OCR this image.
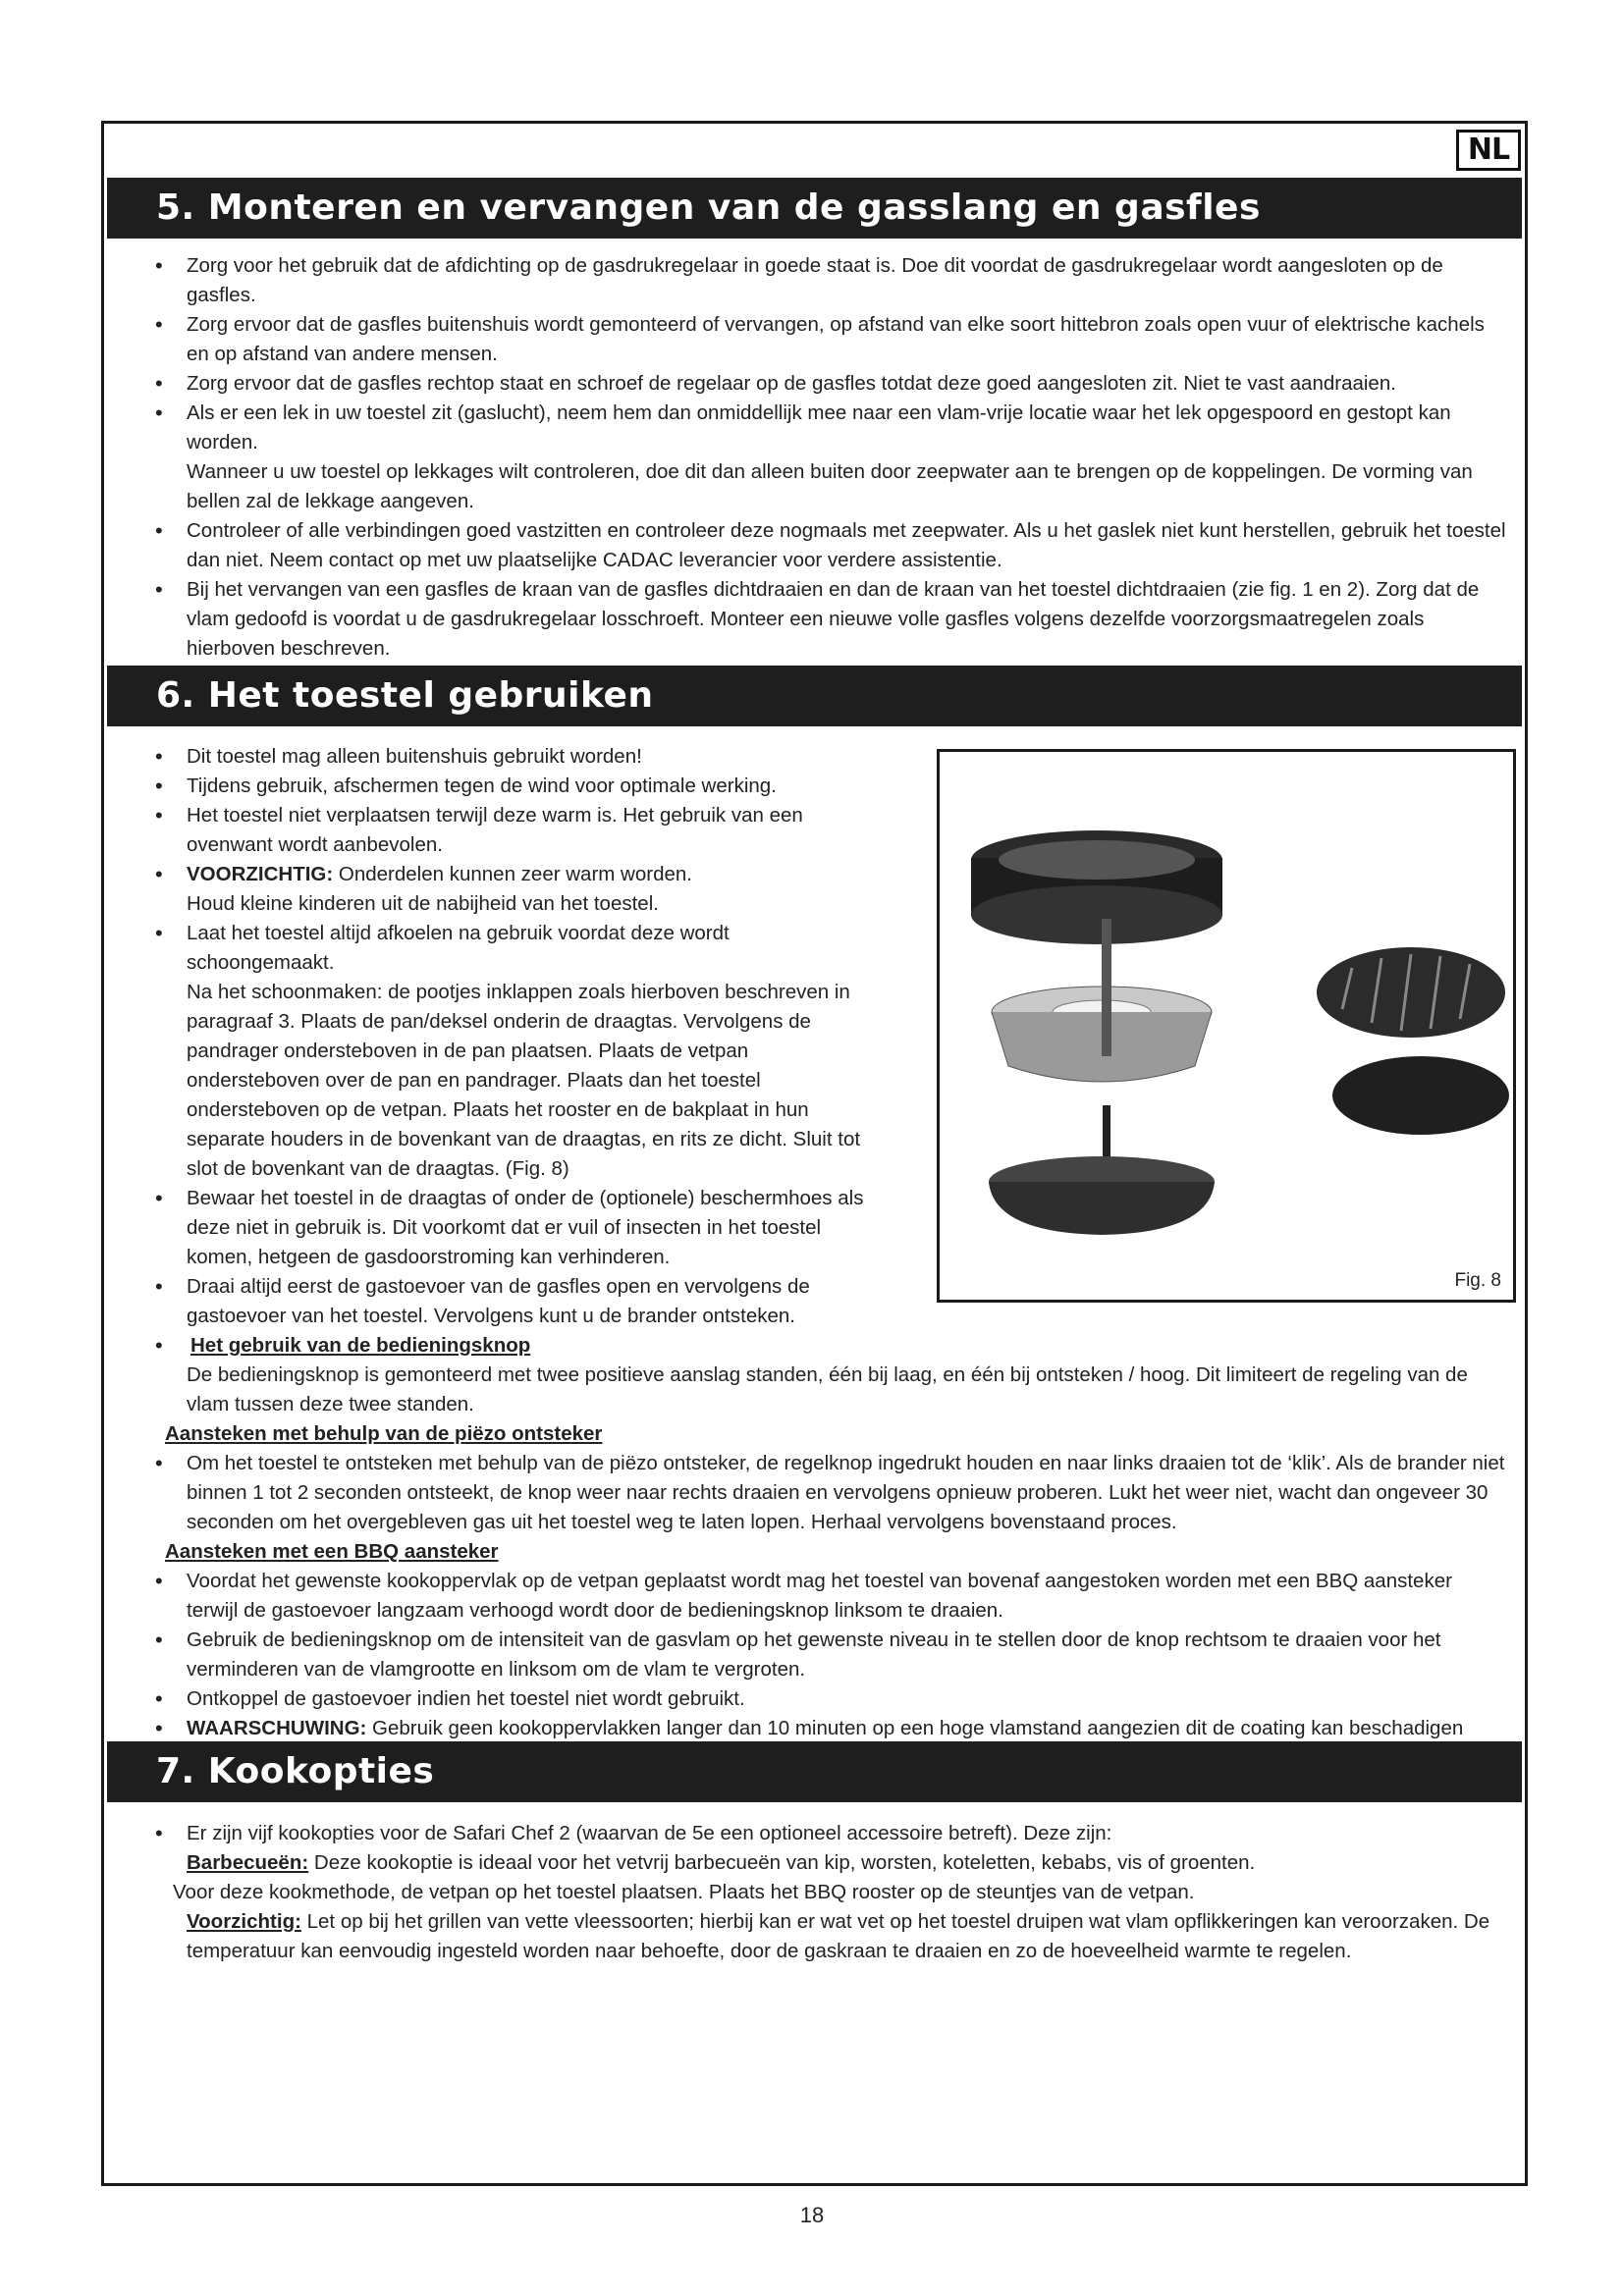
NL
5. Monteren en vervangen van de gasslang en gasfles
• Zorg voor het gebruik dat de afdichting op de gasdrukregelaar in goede staat is. Doe dit voordat de gasdrukregelaar wordt aangesloten op de gasfles.
• Zorg ervoor dat de gasfles buitenshuis wordt gemonteerd of vervangen, op afstand van elke soort hittebron zoals open vuur of elektrische kachels en op afstand van andere mensen.
• Zorg ervoor dat de gasfles rechtop staat en schroef de regelaar op de gasfles totdat deze goed aangesloten zit. Niet te vast aandraaien.
• Als er een lek in uw toestel zit (gaslucht), neem hem dan onmiddellijk mee naar een vlam-vrije locatie waar het lek opgespoord en gestopt kan worden.
Wanneer u uw toestel op lekkages wilt controleren, doe dit dan alleen buiten door zeepwater aan te brengen op de koppelingen. De vorming van bellen zal de lekkage aangeven.
• Controleer of alle verbindingen goed vastzitten en controleer deze nogmaals met zeepwater. Als u het gaslek niet kunt herstellen, gebruik het toestel dan niet. Neem contact op met uw plaatselijke CADAC leverancier voor verdere assistentie.
• Bij het vervangen van een gasfles de kraan van de gasfles dichtdraaien en dan de kraan van het toestel dichtdraaien (zie fig. 1 en 2). Zorg dat de vlam gedoofd is voordat u de gasdrukregelaar losschroeft. Monteer een nieuwe volle gasfles volgens dezelfde voorzorgsmaatregelen zoals hierboven beschreven.
6. Het toestel gebruiken
• Dit toestel mag alleen buitenshuis gebruikt worden!
• Tijdens gebruik, afschermen tegen de wind voor optimale werking.
• Het toestel niet verplaatsen terwijl deze warm is. Het gebruik van een ovenwant wordt aanbevolen.
• VOORZICHTIG: Onderdelen kunnen zeer warm worden.
Houd kleine kinderen uit de nabijheid van het toestel.
• Laat het toestel altijd afkoelen na gebruik voordat deze wordt schoongemaakt.
Na het schoonmaken: de pootjes inklappen zoals hierboven beschreven in paragraaf 3. Plaats de pan/deksel onderin de draagtas. Vervolgens de pandrager ondersteboven in de pan plaatsen. Plaats de vetpan ondersteboven over de pan en pandrager. Plaats dan het toestel ondersteboven op de vetpan. Plaats het rooster en de bakplaat in hun separate houders in de bovenkant van de draagtas, en rits ze dicht. Sluit tot slot de bovenkant van de draagtas. (Fig. 8)
• Bewaar het toestel in de draagtas of onder de (optionele) beschermhoes als deze niet in gebruik is. Dit voorkomt dat er vuil of insecten in het toestel komen, hetgeen de gasdoorstroming kan verhinderen.
• Draai altijd eerst de gastoevoer van de gasfles open en vervolgens de gastoevoer van het toestel. Vervolgens kunt u de brander ontsteken.
• Het gebruik van de bedieningsknop
De bedieningsknop is gemonteerd met twee positieve aanslag standen, één bij laag, en één bij ontsteken / hoog. Dit limiteert de regeling van de vlam tussen deze twee standen.
Aansteken met behulp van de piëzo ontsteker
• Om het toestel te ontsteken met behulp van de piëzo ontsteker, de regelknop ingedrukt houden en naar links draaien tot de ‘klik’. Als de brander niet binnen 1 tot 2 seconden ontsteekt, de knop weer naar rechts draaien en vervolgens opnieuw proberen. Lukt het weer niet, wacht dan ongeveer 30 seconden om het overgebleven gas uit het toestel weg te laten lopen. Herhaal vervolgens bovenstaand proces.
Aansteken met een BBQ aansteker
• Voordat het gewenste kookoppervlak op de vetpan geplaatst wordt mag het toestel van bovenaf aangestoken worden met een BBQ aansteker terwijl de gastoevoer langzaam verhoogd wordt door de bedieningsknop linksom te draaien.
• Gebruik de bedieningsknop om de intensiteit van de gasvlam op het gewenste niveau in te stellen door de knop rechtsom te draaien voor het verminderen van de vlamgrootte en linksom om de vlam te vergroten.
• Ontkoppel de gastoevoer indien het toestel niet wordt gebruikt.
• WAARSCHUWING: Gebruik geen kookoppervlakken langer dan 10 minuten op een hoge vlamstand aangezien dit de coating kan beschadigen
Fig. 8
7. Kookopties
• Er zijn vijf kookopties voor de Safari Chef 2 (waarvan de 5e een optioneel accessoire betreft). Deze zijn:
Barbecueën: Deze kookoptie is ideaal voor het vetvrij barbecueën van kip, worsten, koteletten, kebabs, vis of groenten.
Voor deze kookmethode, de vetpan op het toestel plaatsen. Plaats het BBQ rooster op de steuntjes van de vetpan.
Voorzichtig: Let op bij het grillen van vette vleessoorten; hierbij kan er wat vet op het toestel druipen wat vlam opflikkeringen kan veroorzaken. De temperatuur kan eenvoudig ingesteld worden naar behoefte, door de gaskraan te draaien en zo de hoeveelheid warmte te regelen.
18
